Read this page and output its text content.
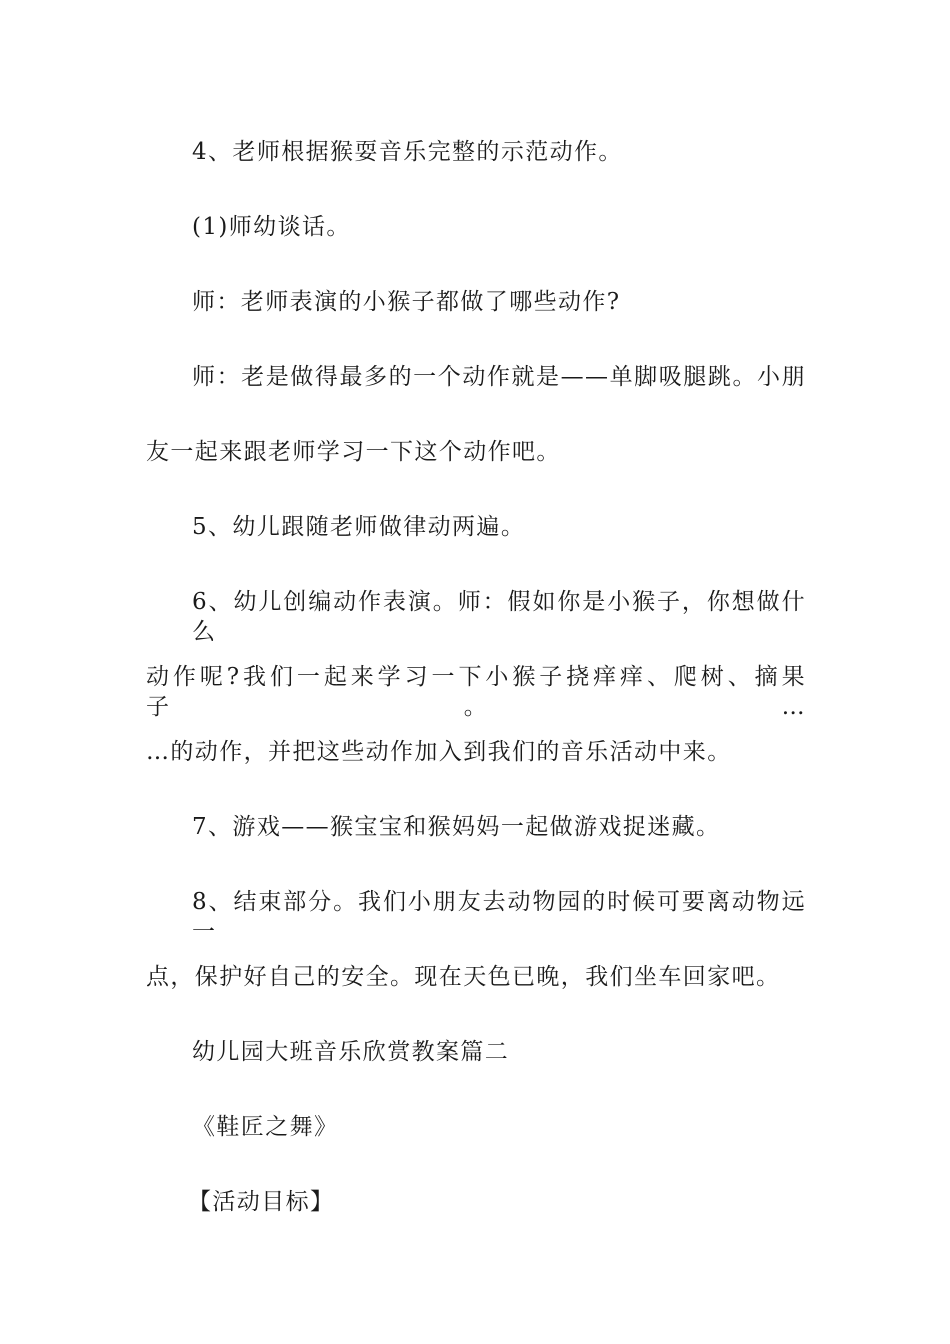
4、老师根据猴耍音乐完整的示范动作。
(1)师幼谈话。
师：老师表演的小猴子都做了哪些动作?
师：老是做得最多的一个动作就是——单脚吸腿跳。小朋
友一起来跟老师学习一下这个动作吧。
5、幼儿跟随老师做律动两遍。
6、幼儿创编动作表演。师：假如你是小猴子，你想做什么
动作呢?我们一起来学习一下小猴子挠痒痒、爬树、摘果子。…
…的动作，并把这些动作加入到我们的音乐活动中来。
7、游戏——猴宝宝和猴妈妈一起做游戏捉迷藏。
8、结束部分。我们小朋友去动物园的时候可要离动物远一
点，保护好自己的安全。现在天色已晚，我们坐车回家吧。
幼儿园大班音乐欣赏教案篇二
《鞋匠之舞》
【活动目标】
